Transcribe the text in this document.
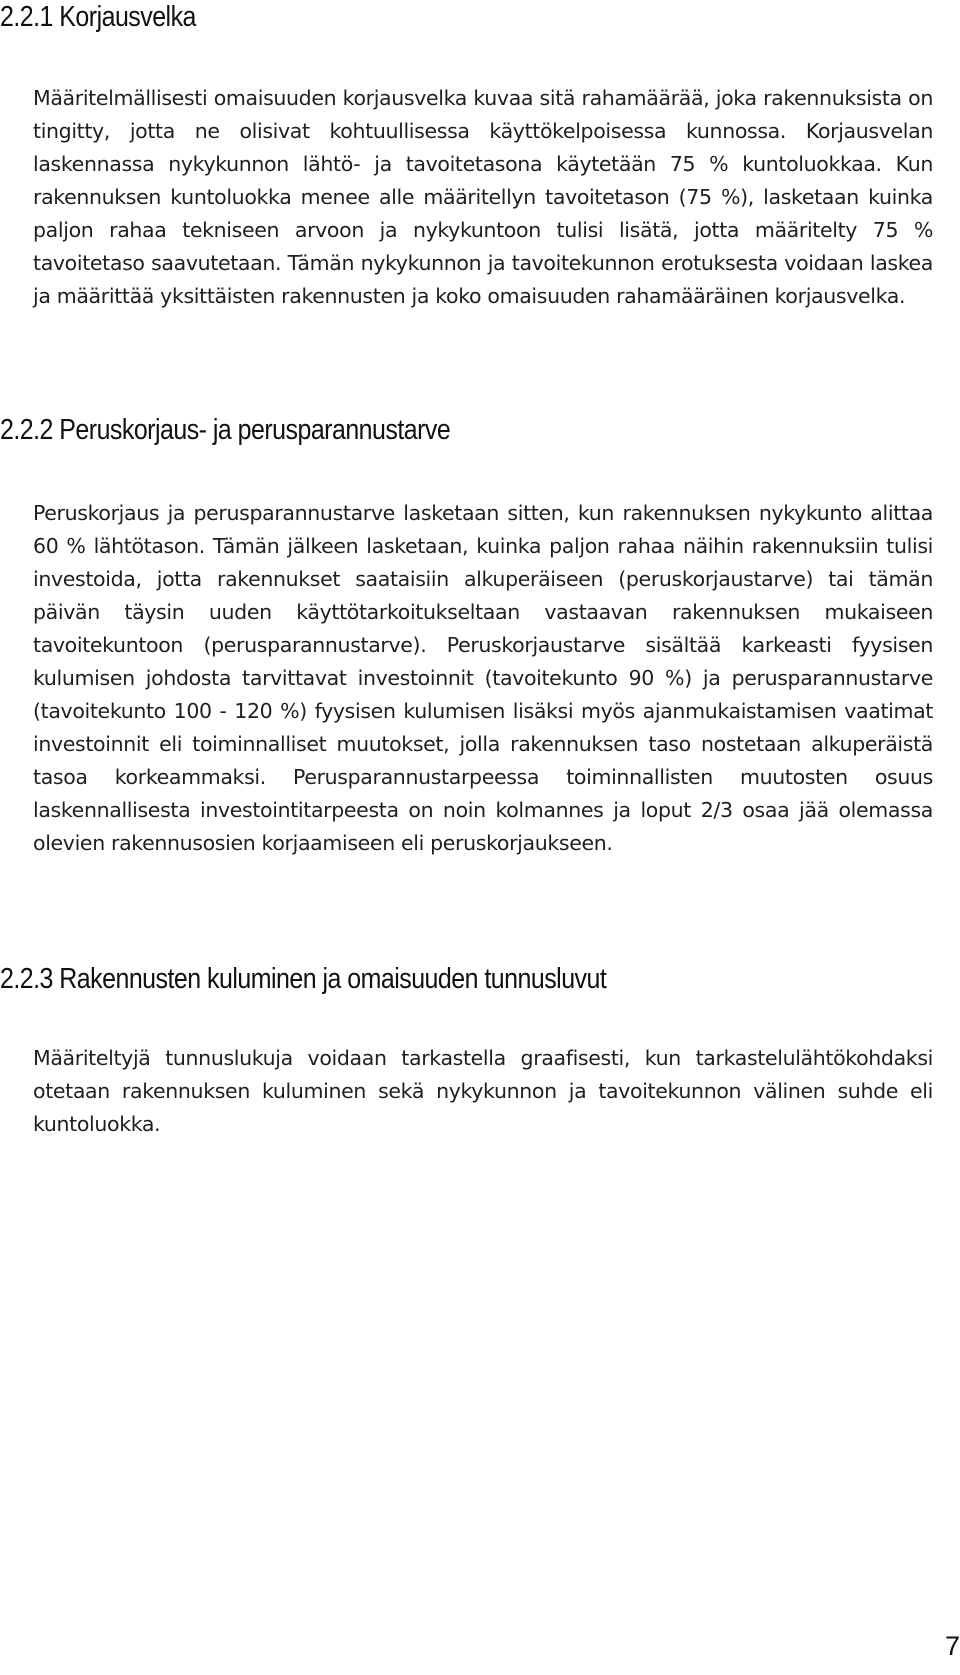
2.2.1 Korjausvelka

Määritelmällisesti omaisuuden korjausvelka kuvaa sitä rahamäärää, joka rakennuksista on tingitty, jotta ne olisivat kohtuullisessa käyttökelpoisessa kunnossa. Korjausvelan laskennassa nykykunnon lähtö- ja tavoitetasona käytetään 75 % kuntoluokkaa. Kun rakennuksen kuntoluokka menee alle määritellyn tavoitetason (75 %), lasketaan kuinka paljon rahaa tekniseen arvoon ja nykykuntoon tulisi lisätä, jotta määritelty 75 % tavoitetaso saavutetaan. Tämän nykykunnon ja tavoitekunnon erotuksesta voidaan laskea ja määrittää yksittäisten rakennusten ja koko omaisuuden rahamääräinen korjausvelka.

2.2.2 Peruskorjaus- ja perusparannustarve

Peruskorjaus ja perusparannustarve lasketaan sitten, kun rakennuksen nykykunto alittaa 60 % lähtötason. Tämän jälkeen lasketaan, kuinka paljon rahaa näihin rakennuksiin tulisi investoida, jotta rakennukset saataisiin alkuperäiseen (peruskorjaustarve) tai tämän päivän täysin uuden käyttötarkoitukseltaan vastaavan rakennuksen mukaiseen tavoitekuntoon (perusparannustarve). Peruskorjaustarve sisältää karkeasti fyysisen kulumisen johdosta tarvittavat investoinnit (tavoitekunto 90 %) ja perusparannustarve (tavoitekunto 100 - 120 %) fyysisen kulumisen lisäksi myös ajanmukaistamisen vaatimat investoinnit eli toiminnalliset muutokset, jolla rakennuksen taso nostetaan alkuperäistä tasoa korkeammaksi. Perusparannustarpeessa toiminnallisten muutosten osuus laskennallisesta investointitarpeesta on noin kolmannes ja loput 2/3 osaa jää olemassa olevien rakennusosien korjaamiseen eli peruskorjaukseen.

2.2.3 Rakennusten kuluminen ja omaisuuden tunnusluvut

Määriteltyjä tunnuslukuja voidaan tarkastella graafisesti, kun tarkastelulähtökohdaksi otetaan rakennuksen kuluminen sekä nykykunnon ja tavoitekunnon välinen suhde eli kuntoluokka.

7
